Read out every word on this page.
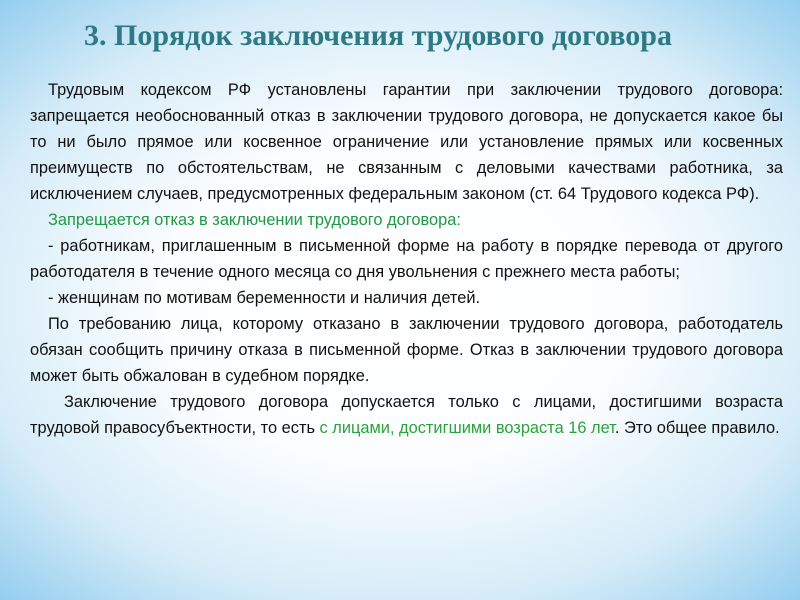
3. Порядок заключения трудового договора

Трудовым кодексом РФ установлены гарантии при заключении трудового договора: запрещается необоснованный отказ в заключении трудового договора, не допускается какое бы то ни было прямое или косвенное ограничение или установление прямых или косвенных преимуществ по обстоятельствам, не связанным с деловыми качествами работника, за исключением случаев, предусмотренных федеральным законом (ст. 64 Трудового кодекса РФ).

Запрещается отказ в заключении трудового договора:

- работникам, приглашенным в письменной форме на работу в порядке перевода от другого работодателя в течение одного месяца со дня увольнения с прежнего места работы;

- женщинам по мотивам беременности и наличия детей.

По требованию лица, которому отказано в заключении трудового договора, работодатель обязан сообщить причину отказа в письменной форме. Отказ в заключении трудового договора может быть обжалован в судебном порядке.

Заключение трудового договора допускается только с лицами, достигшими возраста трудовой правосубъектности, то есть с лицами, достигшими возраста 16 лет. Это общее правило.
